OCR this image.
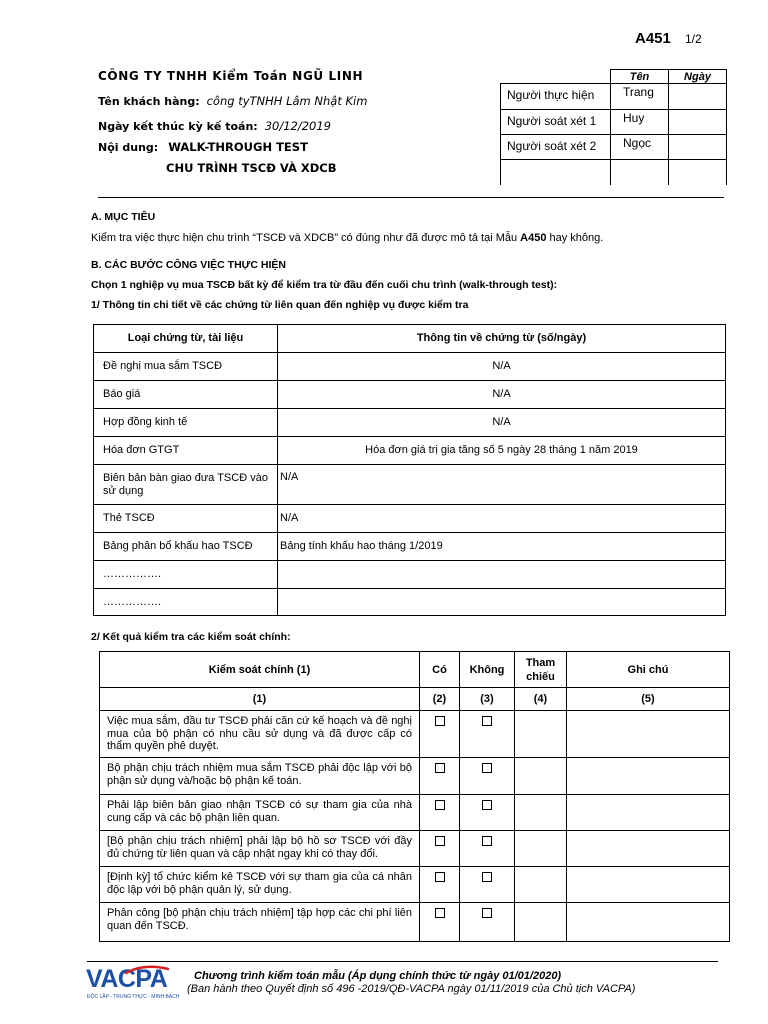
A451 1/2
CÔNG TY TNHH Kiểm Toán NGŨ LINH
Tên khách hàng: công tyTNHH Lâm Nhật Kim
Ngày kết thúc kỳ kế toán: 30/12/2019
Nội dung: WALK-THROUGH TEST
CHU TRÌNH TSCĐ VÀ XDCB
	Tên	Ngày
Người thực hiện	Trang	
Người soát xét 1	Huy	
Người soát xét 2	Ngọc	

A. MỤC TIÊU
Kiểm tra việc thực hiện chu trình “TSCĐ và XDCB” có đúng như đã được mô tả tại Mẫu A450 hay không.
B. CÁC BƯỚC CÔNG VIỆC THỰC HIỆN
Chọn 1 nghiệp vụ mua TSCĐ bất kỳ để kiểm tra từ đầu đến cuối chu trình (walk-through test):
1/ Thông tin chi tiết về các chứng từ liên quan đến nghiệp vụ được kiểm tra
Loại chứng từ, tài liệu	Thông tin về chứng từ (số/ngày)
Đề nghị mua sắm TSCĐ	N/A
Báo giá	N/A
Hợp đồng kinh tế	N/A
Hóa đơn GTGT	Hóa đơn giá trị gia tăng số 5 ngày 28 tháng 1 năm 2019
Biên bản bàn giao đưa TSCĐ vào sử dụng	N/A
Thẻ TSCĐ	N/A
Bảng phân bổ khấu hao TSCĐ	Bảng tính khấu hao tháng 1/2019
…………….	
…………….	
2/ Kết quả kiểm tra các kiểm soát chính:
Kiểm soát chính (1)	Có	Không	Tham chiếu	Ghi chú
(1)	(2)	(3)	(4)	(5)
Việc mua sắm, đầu tư TSCĐ phải căn cứ kế hoạch và đề nghị mua của bộ phận có nhu cầu sử dụng và đã được cấp có thẩm quyền phê duyệt.				
Bộ phận chịu trách nhiệm mua sắm TSCĐ phải độc lập với bộ phận sử dụng và/hoặc bộ phận kế toán.				
Phải lập biên bản giao nhận TSCĐ có sự tham gia của nhà cung cấp và các bộ phận liên quan.				
[Bộ phận chịu trách nhiệm] phải lập bộ hồ sơ TSCĐ với đầy đủ chứng từ liên quan và cập nhật ngay khi có thay đổi.				
[Định kỳ] tổ chức kiểm kê TSCĐ với sự tham gia của cá nhân độc lập với bộ phận quản lý, sử dụng.				
Phân công [bộ phận chịu trách nhiệm] tập hợp các chi phí liên quan đến TSCĐ.				
VACPA
ĐỘC LẬP - TRUNG THỰC - MINH BẠCH
Chương trình kiểm toán mẫu (Áp dụng chính thức từ ngày 01/01/2020)
(Ban hành theo Quyết định số 496 -2019/QĐ-VACPA ngày 01/11/2019 của Chủ tịch VACPA)
